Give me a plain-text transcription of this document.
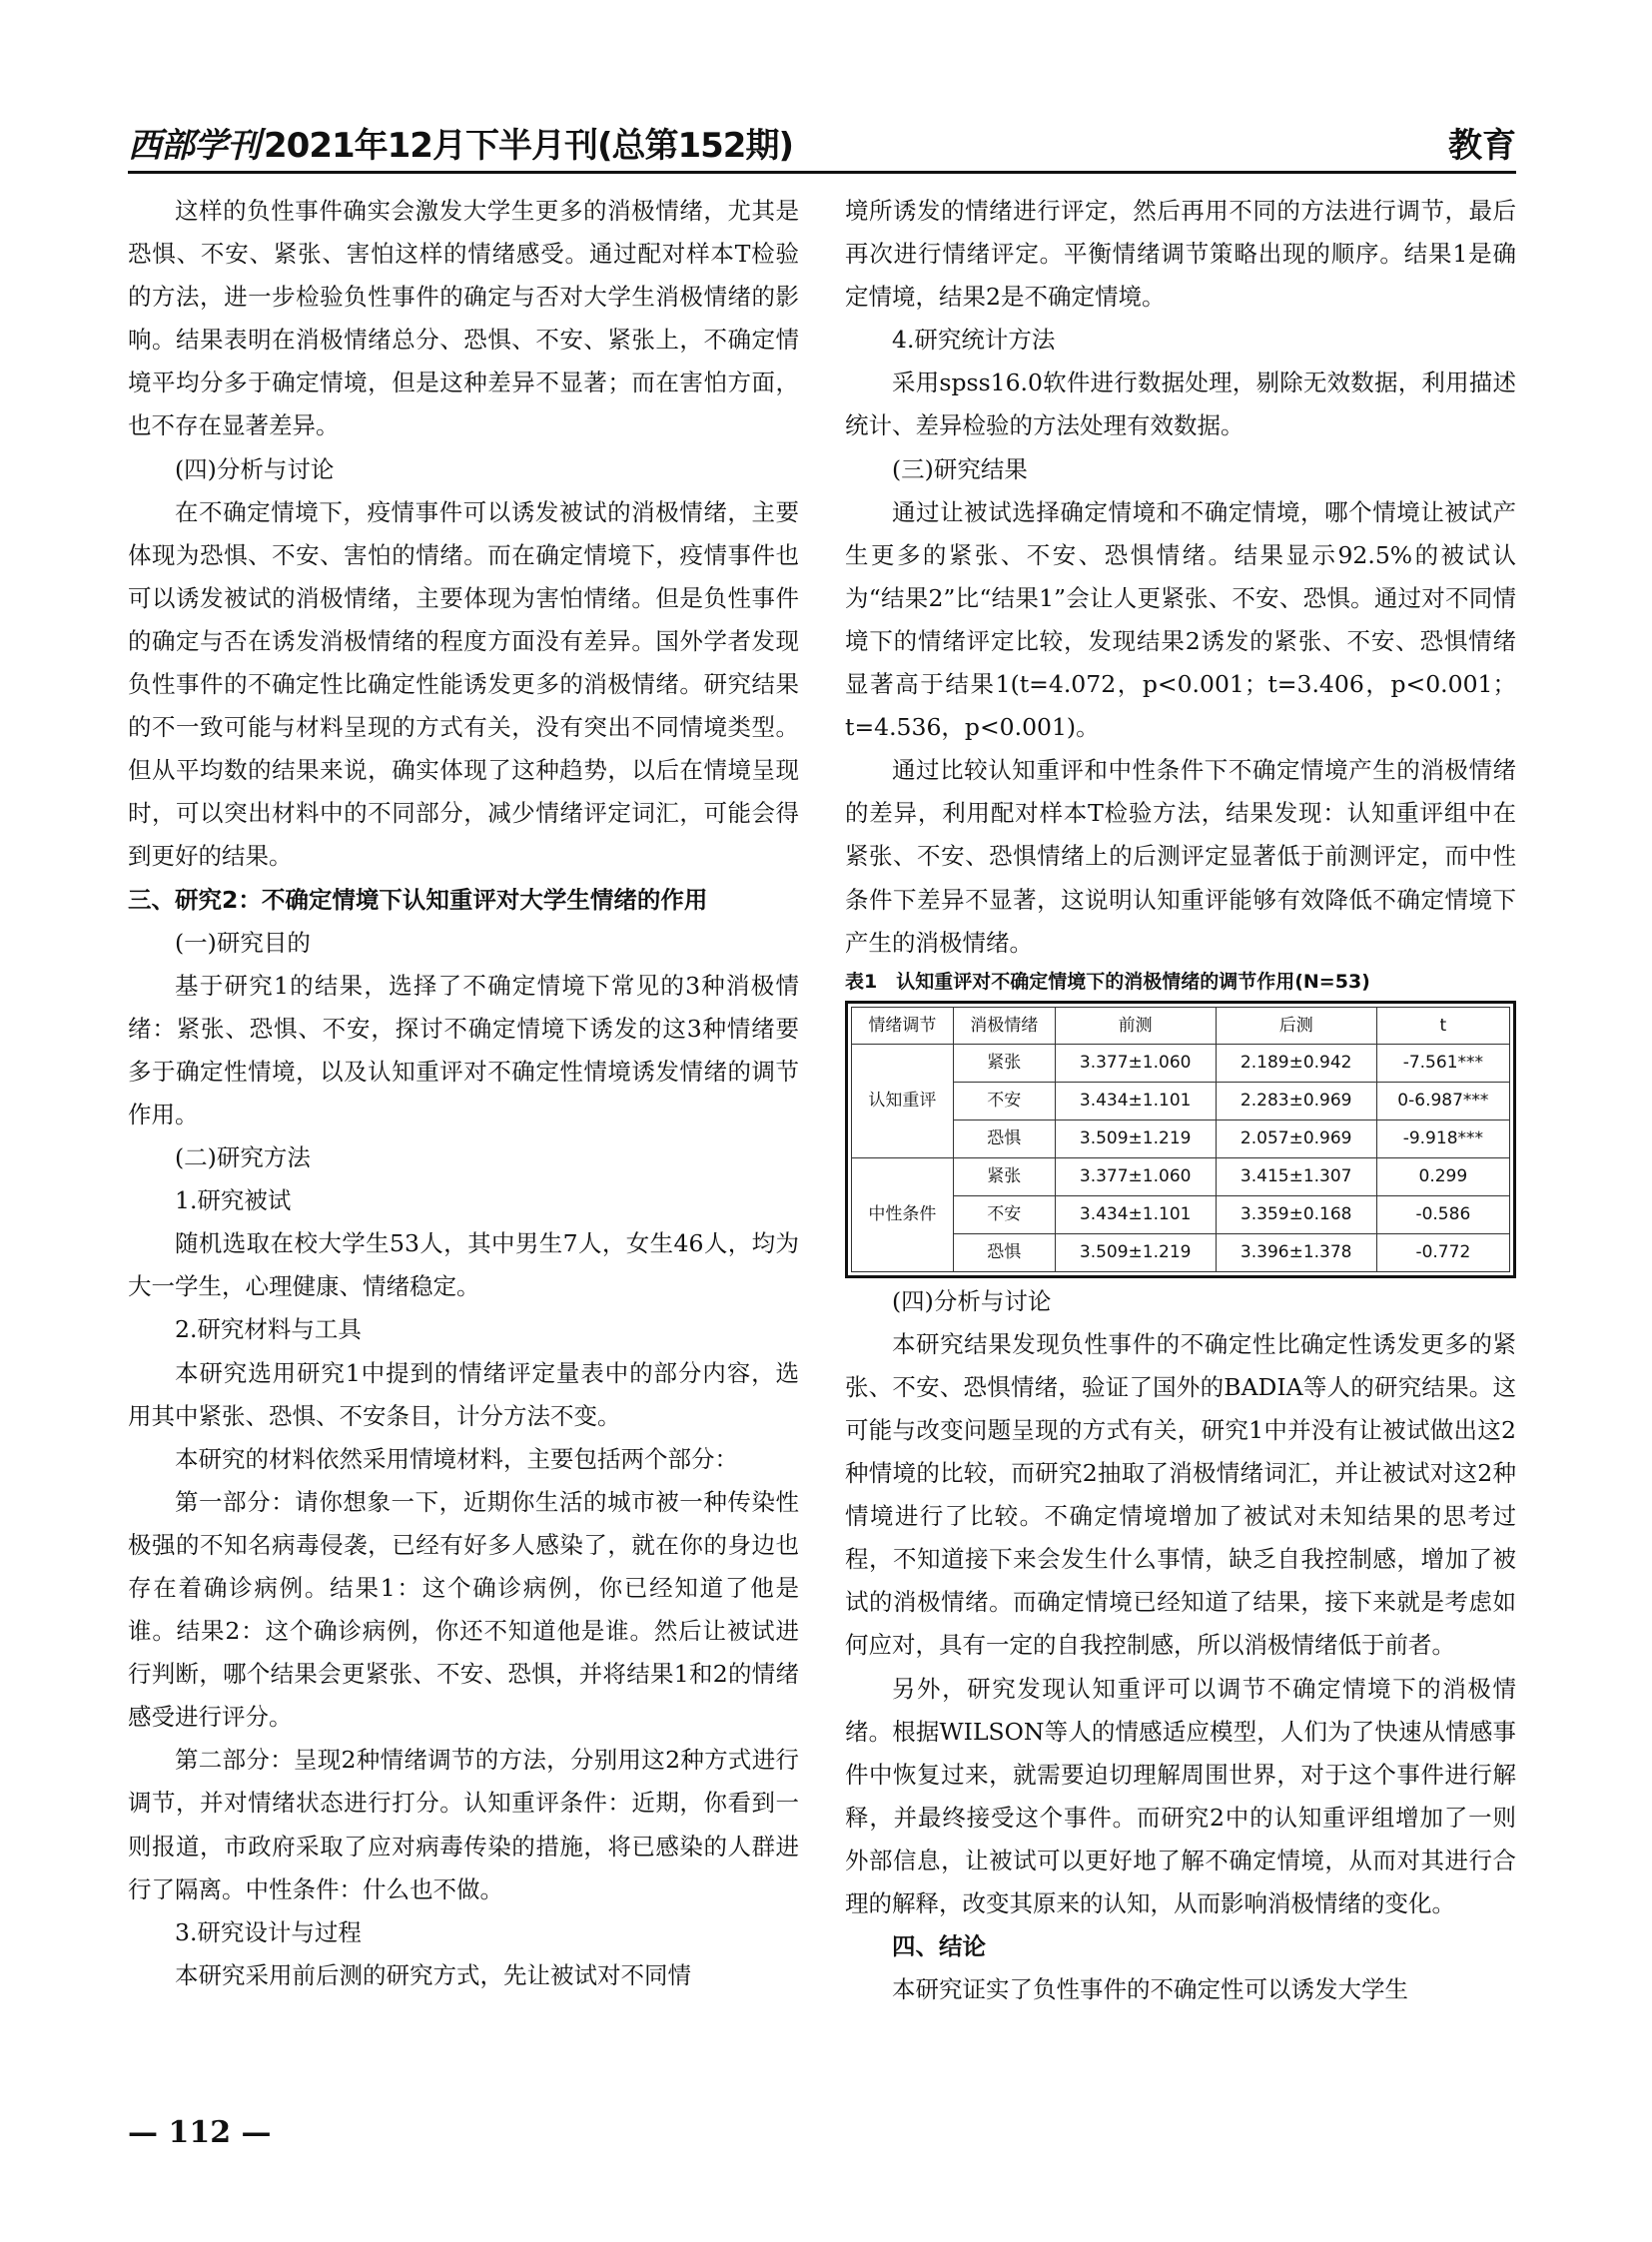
西部学刊 2021年12月下半月刊(总第152期)	教育

这样的负性事件确实会激发大学生更多的消极情绪，尤其是恐惧、不安、紧张、害怕这样的情绪感受。通过配对样本T检验的方法，进一步检验负性事件的确定与否对大学生消极情绪的影响。结果表明在消极情绪总分、恐惧、不安、紧张上，不确定情境平均分多于确定情境，但是这种差异不显著；而在害怕方面，也不存在显著差异。

(四)分析与讨论

在不确定情境下，疫情事件可以诱发被试的消极情绪，主要体现为恐惧、不安、害怕的情绪。而在确定情境下，疫情事件也可以诱发被试的消极情绪，主要体现为害怕情绪。但是负性事件的确定与否在诱发消极情绪的程度方面没有差异。国外学者发现负性事件的不确定性比确定性能诱发更多的消极情绪。研究结果的不一致可能与材料呈现的方式有关，没有突出不同情境类型。但从平均数的结果来说，确实体现了这种趋势，以后在情境呈现时，可以突出材料中的不同部分，减少情绪评定词汇，可能会得到更好的结果。

三、研究2：不确定情境下认知重评对大学生情绪的作用
(一)研究目的

基于研究1的结果，选择了不确定情境下常见的3种消极情绪：紧张、恐惧、不安，探讨不确定情境下诱发的这3种情绪要多于确定性情境，以及认知重评对不确定性情境诱发情绪的调节作用。

(二)研究方法
1.研究被试

随机选取在校大学生53人，其中男生7人，女生46人，均为大一学生，心理健康、情绪稳定。

2.研究材料与工具

本研究选用研究1中提到的情绪评定量表中的部分内容，选用其中紧张、恐惧、不安条目，计分方法不变。

本研究的材料依然采用情境材料，主要包括两个部分：

第一部分：请你想象一下，近期你生活的城市被一种传染性极强的不知名病毒侵袭，已经有好多人感染了，就在你的身边也存在着确诊病例。结果1：这个确诊病例，你已经知道了他是谁。结果2：这个确诊病例，你还不知道他是谁。然后让被试进行判断，哪个结果会更紧张、不安、恐惧，并将结果1和2的情绪感受进行评分。

第二部分：呈现2种情绪调节的方法，分别用这2种方式进行调节，并对情绪状态进行打分。认知重评条件：近期，你看到一则报道，市政府采取了应对病毒传染的措施，将已感染的人群进行了隔离。中性条件：什么也不做。

3.研究设计与过程

本研究采用前后测的研究方式，先让被试对不同情

境所诱发的情绪进行评定，然后再用不同的方法进行调节，最后再次进行情绪评定。平衡情绪调节策略出现的顺序。结果1是确定情境，结果2是不确定情境。

4.研究统计方法

采用spss16.0软件进行数据处理，剔除无效数据，利用描述统计、差异检验的方法处理有效数据。

(三)研究结果

通过让被试选择确定情境和不确定情境，哪个情境让被试产生更多的紧张、不安、恐惧情绪。结果显示92.5%的被试认为“结果2”比“结果1”会让人更紧张、不安、恐惧。通过对不同情境下的情绪评定比较，发现结果2诱发的紧张、不安、恐惧情绪显著高于结果1(t=4.072，p<0.001；t=3.406，p<0.001；t=4.536，p<0.001)。

通过比较认知重评和中性条件下不确定情境产生的消极情绪的差异，利用配对样本T检验方法，结果发现：认知重评组中在紧张、不安、恐惧情绪上的后测评定显著低于前测评定，而中性条件下差异不显著，这说明认知重评能够有效降低不确定情境下产生的消极情绪。

表1　认知重评对不确定情境下的消极情绪的调节作用(N=53)
情绪调节	消极情绪	前测	后测	t
认知重评	紧张	3.377±1.060	2.189±0.942	-7.561***
	不安	3.434±1.101	2.283±0.969	0-6.987***
	恐惧	3.509±1.219	2.057±0.969	-9.918***
中性条件	紧张	3.377±1.060	3.415±1.307	0.299
	不安	3.434±1.101	3.359±0.168	-0.586
	恐惧	3.509±1.219	3.396±1.378	-0.772
(四)分析与讨论

本研究结果发现负性事件的不确定性比确定性诱发更多的紧张、不安、恐惧情绪，验证了国外的BADIA等人的研究结果。这可能与改变问题呈现的方式有关，研究1中并没有让被试做出这2种情境的比较，而研究2抽取了消极情绪词汇，并让被试对这2种情境进行了比较。不确定情境增加了被试对未知结果的思考过程，不知道接下来会发生什么事情，缺乏自我控制感，增加了被试的消极情绪。而确定情境已经知道了结果，接下来就是考虑如何应对，具有一定的自我控制感，所以消极情绪低于前者。

另外，研究发现认知重评可以调节不确定情境下的消极情绪。根据WILSON等人的情感适应模型，人们为了快速从情感事件中恢复过来，就需要迫切理解周围世界，对于这个事件进行解释，并最终接受这个事件。而研究2中的认知重评组增加了一则外部信息，让被试可以更好地了解不确定情境，从而对其进行合理的解释，改变其原来的认知，从而影响消极情绪的变化。

四、结论

本研究证实了负性事件的不确定性可以诱发大学生

— 112 —
